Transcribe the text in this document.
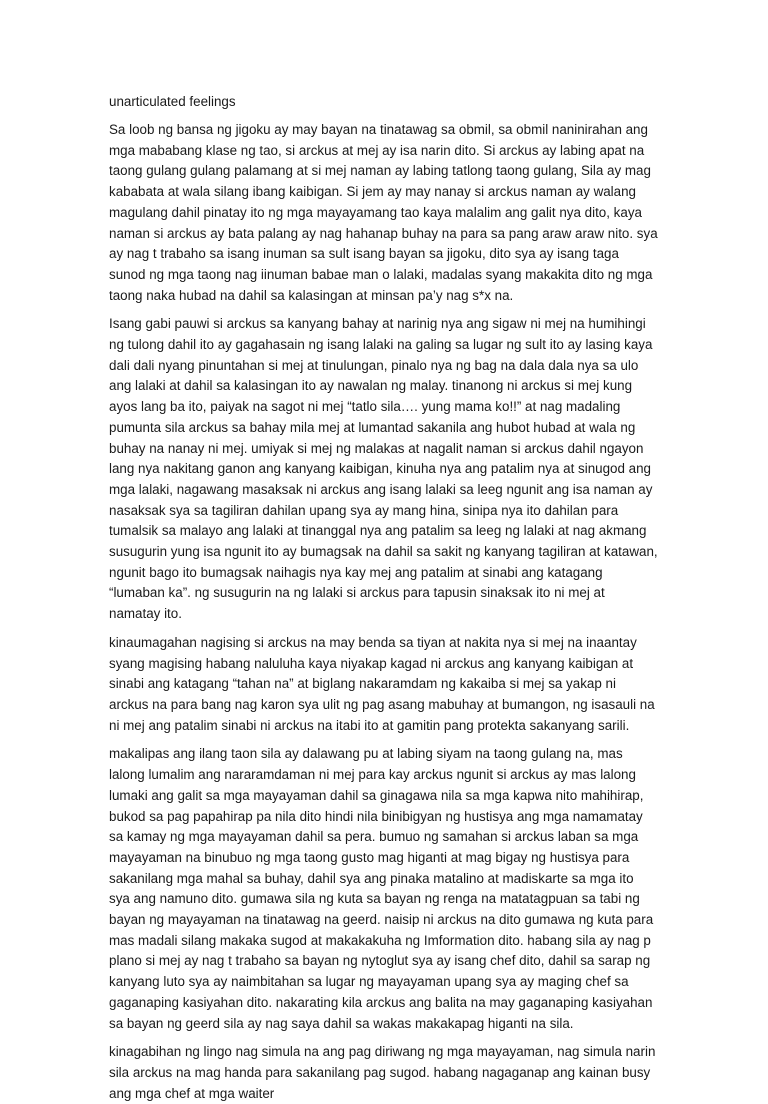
unarticulated feelings

Sa loob ng bansa ng jigoku ay may bayan na tinatawag sa obmil, sa obmil naninirahan ang mga mababang klase ng tao, si arckus at mej ay isa narin dito. Si arckus ay labing apat na taong gulang gulang palamang at si mej naman ay labing tatlong taong gulang, Sila ay mag kababata at wala silang ibang kaibigan. Si jem ay may nanay si arckus naman ay walang magulang dahil pinatay ito ng mga mayayamang tao kaya malalim ang galit nya dito, kaya naman si arckus ay bata palang ay nag hahanap buhay na para sa pang araw araw nito. sya ay nag t trabaho sa isang inuman sa sult isang bayan sa jigoku, dito sya ay isang taga sunod ng mga taong nag iinuman babae man o lalaki, madalas syang makakita dito ng mga taong naka hubad na dahil sa kalasingan at minsan pa’y nag s*x na.

Isang gabi pauwi si arckus sa kanyang bahay at narinig nya ang sigaw ni mej na humihingi ng tulong dahil ito ay gagahasain ng isang lalaki na galing sa lugar ng sult ito ay lasing kaya dali dali nyang pinuntahan si mej at tinulungan, pinalo nya ng bag na dala dala nya sa ulo ang lalaki at dahil sa kalasingan ito ay nawalan ng malay. tinanong ni arckus si mej kung ayos lang ba ito, paiyak na sagot ni mej “tatlo sila…. yung mama ko!!” at nag madaling pumunta sila arckus sa bahay mila mej at lumantad sakanila ang hubot hubad at wala ng buhay na nanay ni mej. umiyak si mej ng malakas at nagalit naman si arckus dahil ngayon lang nya nakitang ganon ang kanyang kaibigan, kinuha nya ang patalim nya at sinugod ang mga lalaki, nagawang masaksak ni arckus ang isang lalaki sa leeg ngunit ang isa naman ay nasaksak sya sa tagiliran dahilan upang sya ay mang hina, sinipa nya ito dahilan para tumalsik sa malayo ang lalaki at tinanggal nya ang patalim sa leeg ng lalaki at nag akmang susugurin yung isa ngunit ito ay bumagsak na dahil sa sakit ng kanyang tagiliran at katawan, ngunit bago ito bumagsak naihagis nya kay mej ang patalim at sinabi ang katagang “lumaban ka”. ng susugurin na ng lalaki si arckus para tapusin sinaksak ito ni mej at namatay ito.

kinaumagahan nagising si arckus na may benda sa tiyan at nakita nya si mej na inaantay syang magising habang naluluha kaya niyakap kagad ni arckus ang kanyang kaibigan at sinabi ang katagang “tahan na” at biglang nakaramdam ng kakaiba si mej sa yakap ni arckus na para bang nag karon sya ulit ng pag asang mabuhay at bumangon, ng isasauli na ni mej ang patalim sinabi ni arckus na itabi ito at gamitin pang protekta sakanyang sarili.

makalipas ang ilang taon sila ay dalawang pu at labing siyam na taong gulang na, mas lalong lumalim ang nararamdaman ni mej para kay arckus ngunit si arckus ay mas lalong lumaki ang galit sa mga mayayaman dahil sa ginagawa nila sa mga kapwa nito mahihirap, bukod sa pag papahirap pa nila dito hindi nila binibigyan ng hustisya ang mga namamatay sa kamay ng mga mayayaman dahil sa pera. bumuo ng samahan si arckus laban sa mga mayayaman na binubuo ng mga taong gusto mag higanti at mag bigay ng hustisya para sakanilang mga mahal sa buhay, dahil sya ang pinaka matalino at madiskarte sa mga ito sya ang namuno dito. gumawa sila ng kuta sa bayan ng renga na matatagpuan sa tabi ng bayan ng mayayaman na tinatawag na geerd. naisip ni arckus na dito gumawa ng kuta para mas madali silang makaka sugod at makakakuha ng Imformation dito. habang sila ay nag p plano si mej ay nag t trabaho sa bayan ng nytoglut sya ay isang chef dito, dahil sa sarap ng kanyang luto sya ay naimbitahan sa lugar ng mayayaman upang sya ay maging chef sa gaganaping kasiyahan dito. nakarating kila arckus ang balita na may gaganaping kasiyahan sa bayan ng geerd sila ay nag saya dahil sa wakas makakapag higanti na sila.

kinagabihan ng lingo nag simula na ang pag diriwang ng mga mayayaman, nag simula narin sila arckus na mag handa para sakanilang pag sugod. habang nagaganap ang kainan busy ang mga chef at mga waiter
